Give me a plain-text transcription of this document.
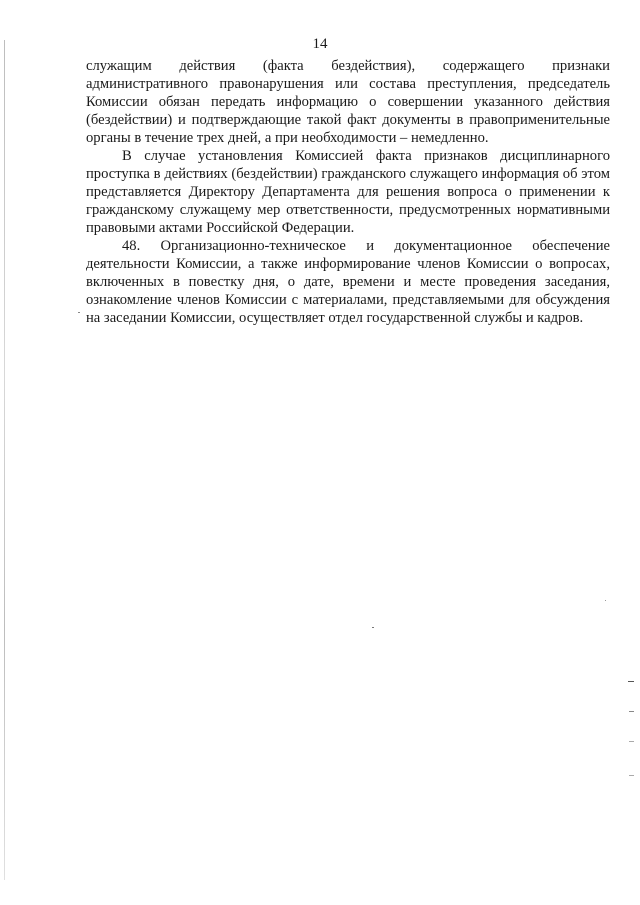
14

служащим действия (факта бездействия), содержащего признаки административного правонарушения или состава преступления, председатель Комиссии обязан передать информацию о совершении указанного действия (бездействии) и подтверждающие такой факт документы в правоприменительные органы в течение трех дней, а при необходимости – немедленно.

В случае установления Комиссией факта признаков дисциплинарного проступка в действиях (бездействии) гражданского служащего информация об этом представляется Директору Департамента для решения вопроса о применении к гражданскому служащему мер ответственности, предусмотренных нормативными правовыми актами Российской Федерации.

48. Организационно-техническое и документационное обеспечение деятельности Комиссии, а также информирование членов Комиссии о вопросах, включенных в повестку дня, о дате, времени и месте проведения заседания, ознакомление членов Комиссии с материалами, представляемыми для обсуждения на заседании Комиссии, осуществляет отдел государственной службы и кадров.
